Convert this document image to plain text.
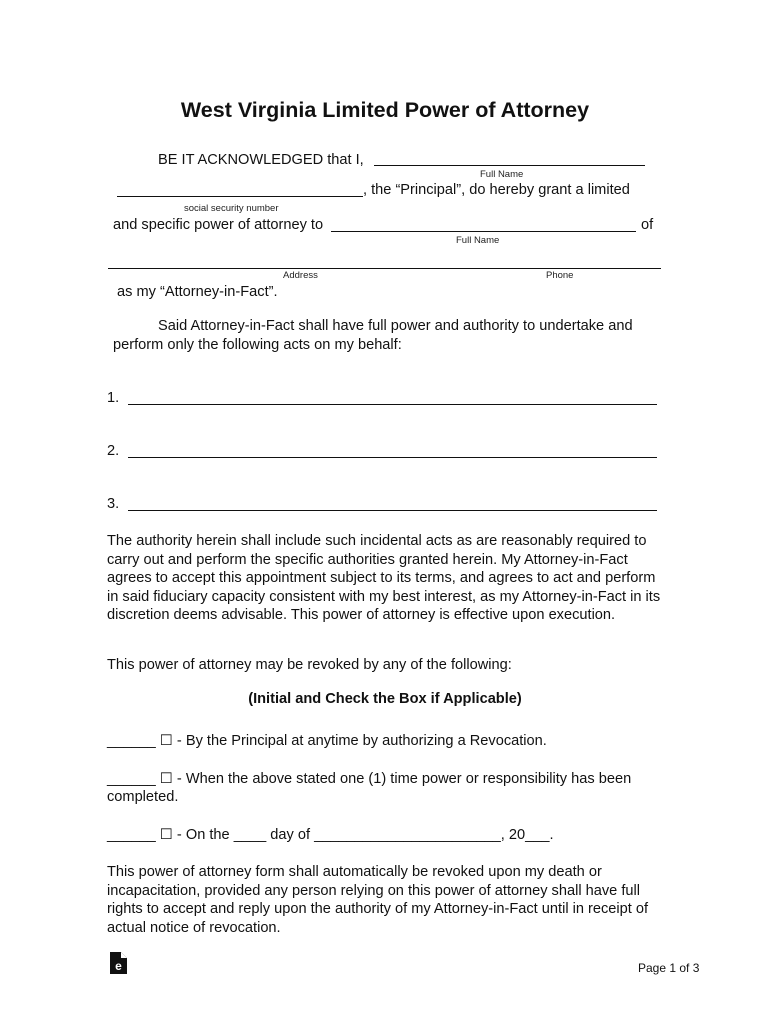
West Virginia Limited Power of Attorney
BE IT ACKNOWLEDGED that I,
Full Name
, the “Principal”, do hereby grant a limited
social security number
and specific power of attorney to	of
Full Name
Address	Phone
as my “Attorney-in-Fact”.
Said Attorney-in-Fact shall have full power and authority to undertake and
perform only the following acts on my behalf:
1.
2.
3.
The authority herein shall include such incidental acts as are reasonably required to carry out and perform the specific authorities granted herein. My Attorney-in-Fact agrees to accept this appointment subject to its terms, and agrees to act and perform in said fiduciary capacity consistent with my best interest, as my Attorney-in-Fact in its discretion deems advisable. This power of attorney is effective upon execution.
This power of attorney may be revoked by any of the following:
(Initial and Check the Box if Applicable)
______ ☐ - By the Principal at anytime by authorizing a Revocation.
______ ☐ - When the above stated one (1) time power or responsibility has been
completed.
______ ☐ - On the ____ day of _______________________, 20___.
This power of attorney form shall automatically be revoked upon my death or incapacitation, provided any person relying on this power of attorney shall have full rights to accept and reply upon the authority of my Attorney-in-Fact until in receipt of actual notice of revocation.
e	Page 1 of 3
